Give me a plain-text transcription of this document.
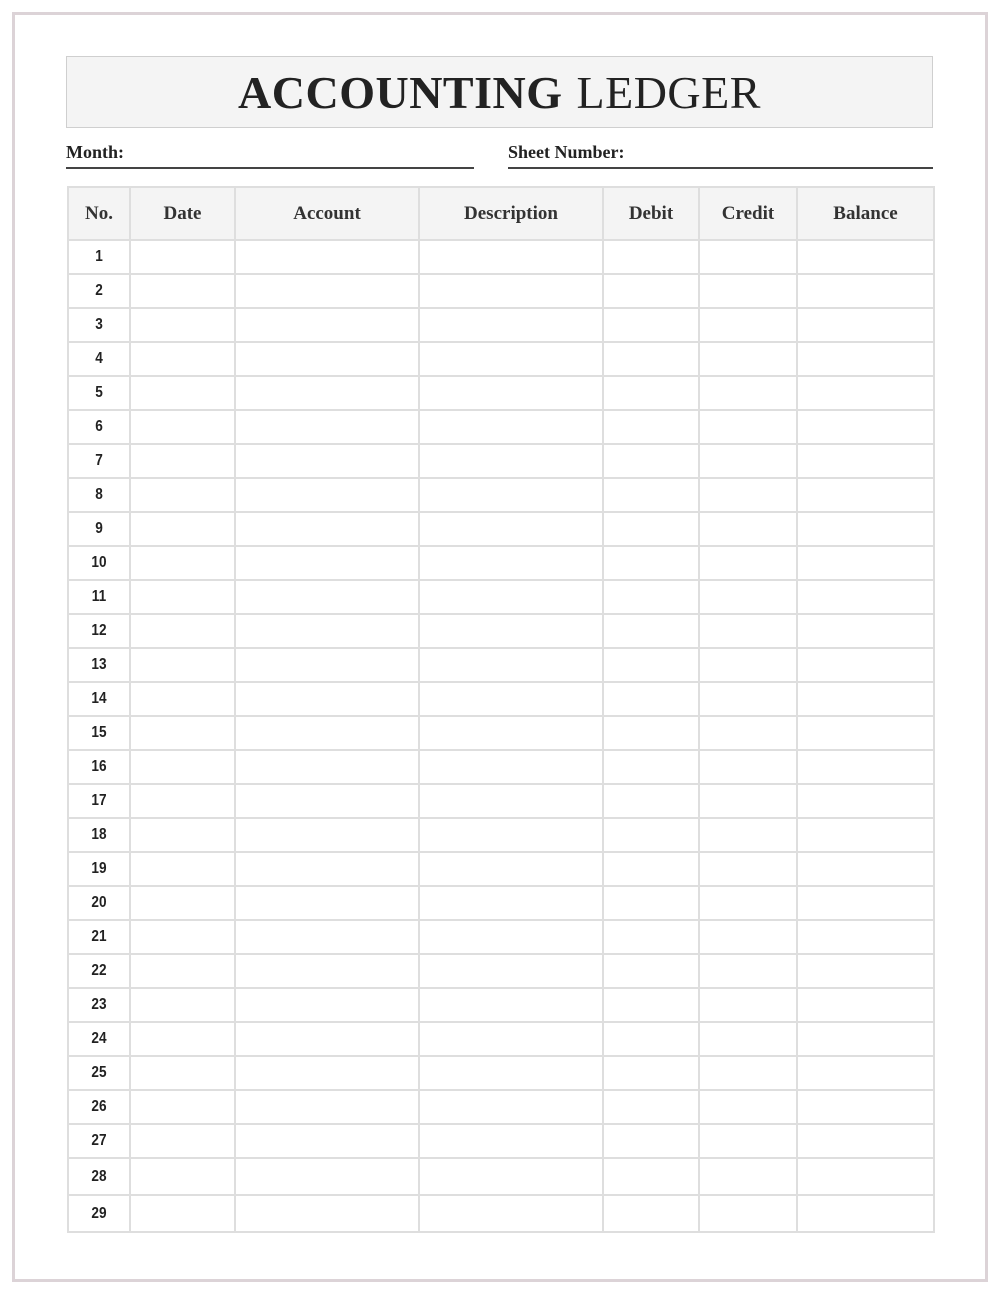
ACCOUNTING LEDGER
Month:	Sheet Number:
No.	Date	Account	Description	Debit	Credit	Balance
1						
2						
3						
4						
5						
6						
7						
8						
9						
10						
11						
12						
13						
14						
15						
16						
17						
18						
19						
20						
21						
22						
23						
24						
25						
26						
27						
28						
29						
